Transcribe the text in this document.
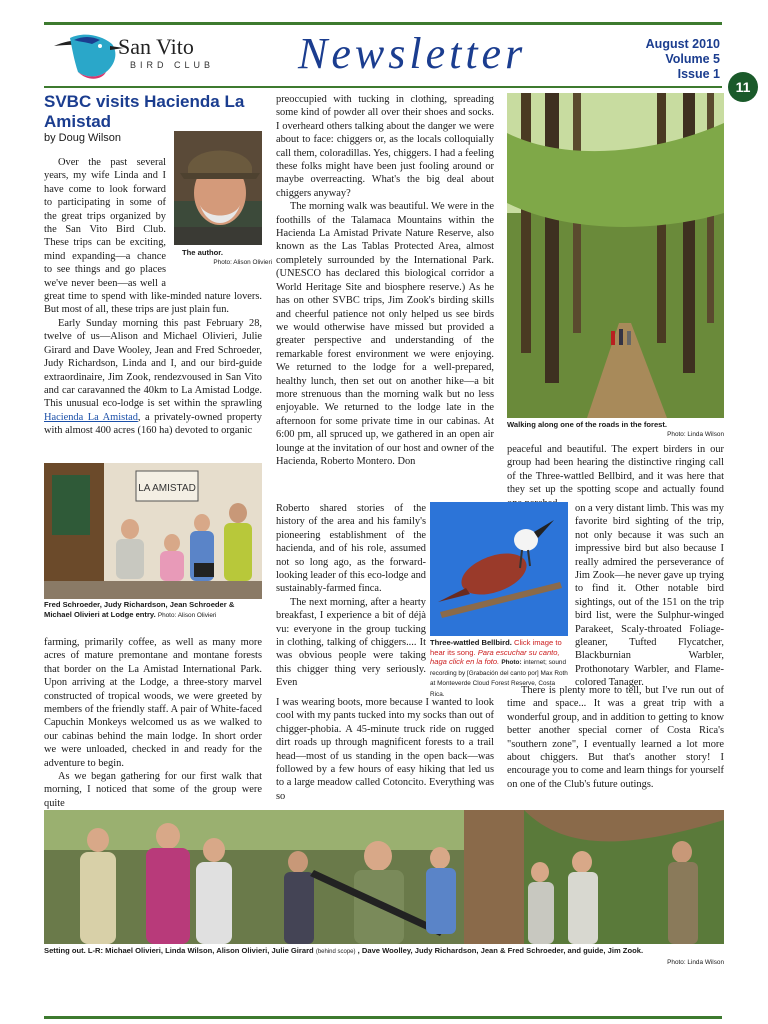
San Vito
BIRD CLUB Newsletter	August 2010
Volume 5
Issue 1
11
SVBC visits Hacienda La Amistad
by Doug Wilson
The author.
Photo: Alison Olivieri

Over the past several years, my wife Linda and I have come to look forward to participating in some of the great trips organized by the San Vito Bird Club. These trips can be exciting, mind expanding—a chance to see things and go places we've never been—as well a great time to spend with like-minded nature lovers. But most of all, these trips are just plain fun.

Early Sunday morning this past February 28, twelve of us—Alison and Michael Olivieri, Julie Girard and Dave Wooley, Jean and Fred Schroeder, Judy Richardson, Linda and I, and our bird-guide extraordinaire, Jim Zook, rendezvoused in San Vito and car caravanned the 40km to La Amistad Lodge. This unusual eco-lodge is set within the sprawling Hacienda La Amistad, a privately-owned property with almost 400 acres (160 ha) devoted to organic

LA AMISTAD
Fred Schroeder, Judy Richardson, Jean Schroeder & Michael Olivieri at Lodge entry. Photo: Alison Olivieri

farming, primarily coffee, as well as many more acres of mature premontane and montane forests that border on the La Amistad International Park. Upon arriving at the Lodge, a three-story marvel constructed of tropical woods, we were greeted by members of the friendly staff. A pair of White-faced Capuchin Monkeys welcomed us as we walked to our cabinas behind the main lodge. In short order we were unloaded, checked in and ready for the adventure to begin.

As we began gathering for our first walk that morning, I noticed that some of the group were quite

preoccupied with tucking in clothing, spreading some kind of powder all over their shoes and socks. I overheard others talking about the danger we were about to face: chiggers or, as the locals colloquially call them, coloradillas. Yes, chiggers. I had a feeling these folks might have been just fooling around or maybe overreacting. What's the big deal about chiggers anyway?

The morning walk was beautiful. We were in the foothills of the Talamaca Mountains within the Hacienda La Amistad Private Nature Reserve, also known as the Las Tablas Protected Area, almost completely surrounded by the International Park. (UNESCO has declared this biological corridor a World Heritage Site and biosphere reserve.) As he has on other SVBC trips, Jim Zook's birding skills and cheerful patience not only helped us see birds we would otherwise have missed but provided a greater perspective and understanding of the remarkable forest environment we were enjoying. We returned to the lodge for a well-prepared, healthy lunch, then set out on another hike—a bit more strenuous than the morning walk but no less enjoyable. We returned to the lodge late in the afternoon for some private time in our cabinas. At 6:00 pm, all spruced up, we gathered in an open air lounge at the invitation of our host and owner of the Hacienda, Roberto Montero. Don

Roberto shared stories of the history of the area and his family's pioneering establishment of the hacienda, and of his role, assumed not so long ago, as the forward-looking leader of this eco-lodge and sustainably-farmed finca.

The next morning, after a hearty breakfast, I experience a bit of déjà vu: everyone in the group tucking in clothing, talking of chiggers.... It was obvious people were taking this chigger thing very seriously. Even

I was wearing boots, more because I wanted to look cool with my pants tucked into my socks than out of chigger-phobia. A 45-minute truck ride on rugged dirt roads up through magnificent forests to a trail head—most of us standing in the open back—was followed by a few hours of easy hiking that led us to a large meadow called Cotoncito. Everything was so

Walking along one of the roads in the forest.
Photo: Linda Wilson

peaceful and beautiful. The expert birders in our group had been hearing the distinctive ringing call of the Three-wattled Bellbird, and it was here that they set up the spotting scope and actually found

Three-wattled Bellbird. Click image to hear its song. Para escuchar su canto, haga click en la foto. Photo: internet; sound recording by [Grabación del canto por] Max Roth at Monteverde Cloud Forest Reserve, Costa Rica.

on a very distant limb. This was my favorite bird sighting of the trip, not only because it was such an impressive bird but also because I really admired the perseverance of Jim Zook—he never gave up trying to find it. Other notable bird sightings, out of the 151 on the trip bird list, were the Sulphur-winged Parakeet, Scaly-throated Foliage-gleaner, Tufted Flycatcher, Blackburnian Warbler, Prothonotary Warbler, and Flame-colored Tanager.

There is plenty more to tell, but I've run out of time and space... It was a great trip with a wonderful group, and in addition to getting to know better another special corner of Costa Rica's "southern zone", I eventually learned a lot more about chiggers. But that's another story! I encourage you to come and learn things for yourself on one of the Club's future outings.

Setting out. L-R: Michael Olivieri, Linda Wilson, Alison Olivieri, Julie Girard (behind scope) , Dave Woolley, Judy Richardson, Jean & Fred Schroeder, and guide, Jim Zook.
Photo: Linda Wilson
